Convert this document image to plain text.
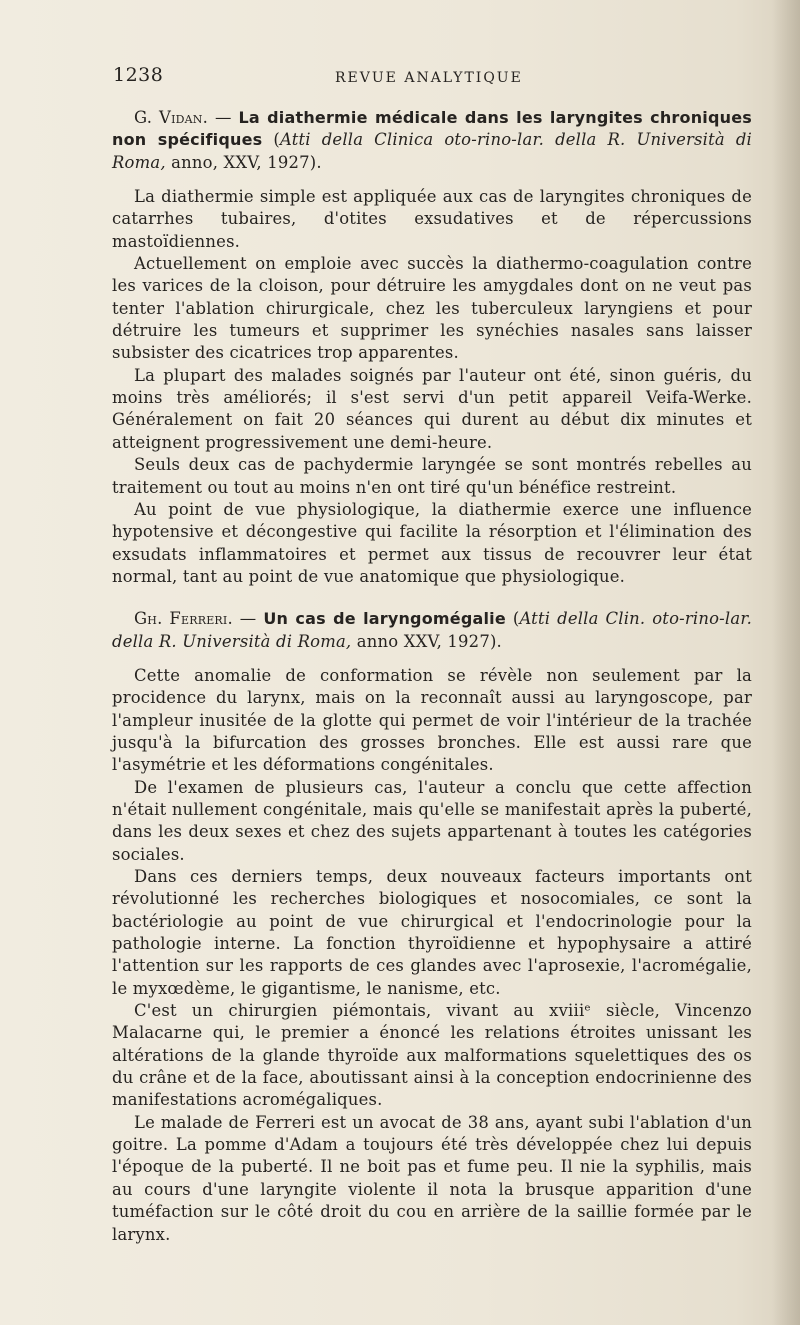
1238	REVUE ANALYTIQUE

G. Vidan. — La diathermie médicale dans les laryngites chroniques non spécifiques (Atti della Clinica oto-rino-lar. della R. Università di Roma, anno, XXV, 1927).

La diathermie simple est appliquée aux cas de laryngites chroniques de catarrhes tubaires, d'otites exsudatives et de répercussions mastoïdiennes.

Actuellement on emploie avec succès la diathermo-coagulation contre les varices de la cloison, pour détruire les amygdales dont on ne veut pas tenter l'ablation chirurgicale, chez les tuberculeux laryngiens et pour détruire les tumeurs et supprimer les synéchies nasales sans laisser subsister des cicatrices trop apparentes.

La plupart des malades soignés par l'auteur ont été, sinon guéris, du moins très améliorés; il s'est servi d'un petit appareil Veifa-Werke. Généralement on fait 20 séances qui durent au début dix minutes et atteignent progressivement une demi-heure.

Seuls deux cas de pachydermie laryngée se sont montrés rebelles au traitement ou tout au moins n'en ont tiré qu'un bénéfice restreint.

Au point de vue physiologique, la diathermie exerce une influence hypotensive et décongestive qui facilite la résorption et l'élimination des exsudats inflammatoires et permet aux tissus de recouvrer leur état normal, tant au point de vue anatomique que physiologique.

Gh. Ferreri. — Un cas de laryngomégalie (Atti della Clin. oto-rino-lar. della R. Università di Roma, anno XXV, 1927).

Cette anomalie de conformation se révèle non seulement par la procidence du larynx, mais on la reconnaît aussi au laryngoscope, par l'ampleur inusitée de la glotte qui permet de voir l'intérieur de la trachée jusqu'à la bifurcation des grosses bronches. Elle est aussi rare que l'asymétrie et les déformations congénitales.

De l'examen de plusieurs cas, l'auteur a conclu que cette affection n'était nullement congénitale, mais qu'elle se manifestait après la puberté, dans les deux sexes et chez des sujets appartenant à toutes les catégories sociales.

Dans ces derniers temps, deux nouveaux facteurs importants ont révolutionné les recherches biologiques et nosocomiales, ce sont la bactériologie au point de vue chirurgical et l'endocrinologie pour la pathologie interne. La fonction thyroïdienne et hypophysaire a attiré l'attention sur les rapports de ces glandes avec l'aprosexie, l'acromégalie, le myxœdème, le gigantisme, le nanisme, etc.

C'est un chirurgien piémontais, vivant au xviiiᵉ siècle, Vincenzo Malacarne qui, le premier a énoncé les relations étroites unissant les altérations de la glande thyroïde aux malformations squelettiques des os du crâne et de la face, aboutissant ainsi à la conception endocrinienne des manifestations acromégaliques.

Le malade de Ferreri est un avocat de 38 ans, ayant subi l'ablation d'un goitre. La pomme d'Adam a toujours été très développée chez lui depuis l'époque de la puberté. Il ne boit pas et fume peu. Il nie la syphilis, mais au cours d'une laryngite violente il nota la brusque apparition d'une tuméfaction sur le côté droit du cou en arrière de la saillie formée par le larynx.
